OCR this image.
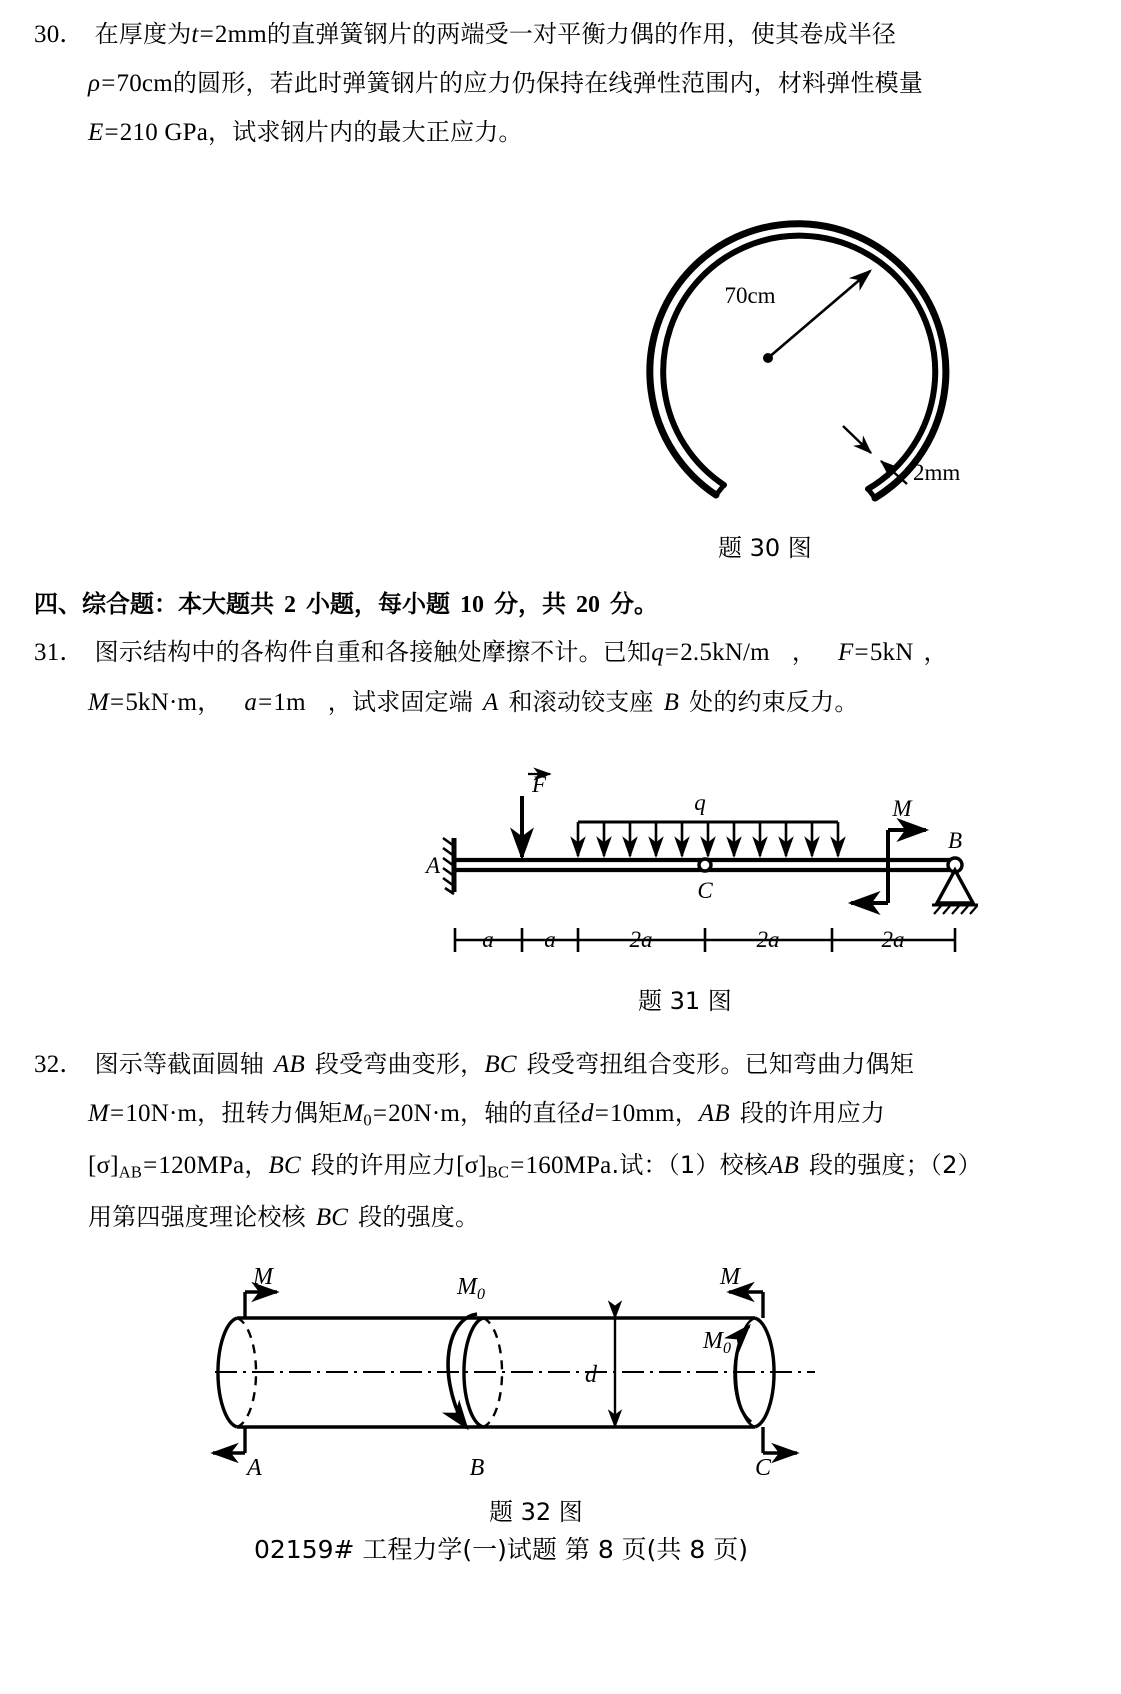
30． 在厚度为t=2mm的直弹簧钢片的两端受一对平衡力偶的作用，使其卷成半径
ρ=70cm的圆形，若此时弹簧钢片的应力仍保持在线弹性范围内，材料弹性模量
E=210 GPa，试求钢片内的最大正应力。
70cm
2mm
题 30 图
四、综合题：本大题共 2 小题，每小题 10 分，共 20 分。
31． 图示结构中的各构件自重和各接触处摩擦不计。已知q=2.5kN/m ， F=5kN ，
M=5kN·m， a=1m ，试求固定端 A 和滚动铰支座 B 处的约束反力。
A
F
q
C
M
B
a a	2a	2a	2a
题 31 图
32． 图示等截面圆轴 AB 段受弯曲变形，BC 段受弯扭组合变形。已知弯曲力偶矩
M=10N·m，扭转力偶矩$M_0=20N\cdot m$，轴的直径d=10mm，AB 段的许用应力
$[\sigma]_{AB}=120MPa$，BC 段的许用应力$[\sigma]_{BC}=160MPa$.试：（1）校核AB 段的强度；（2）
用第四强度理论校核 BC 段的强度。
d
M
A
$M_0$
B
M
C
$M_0$
题 32 图
02159# 工程力学(一)试题 第 8 页(共 8 页)
